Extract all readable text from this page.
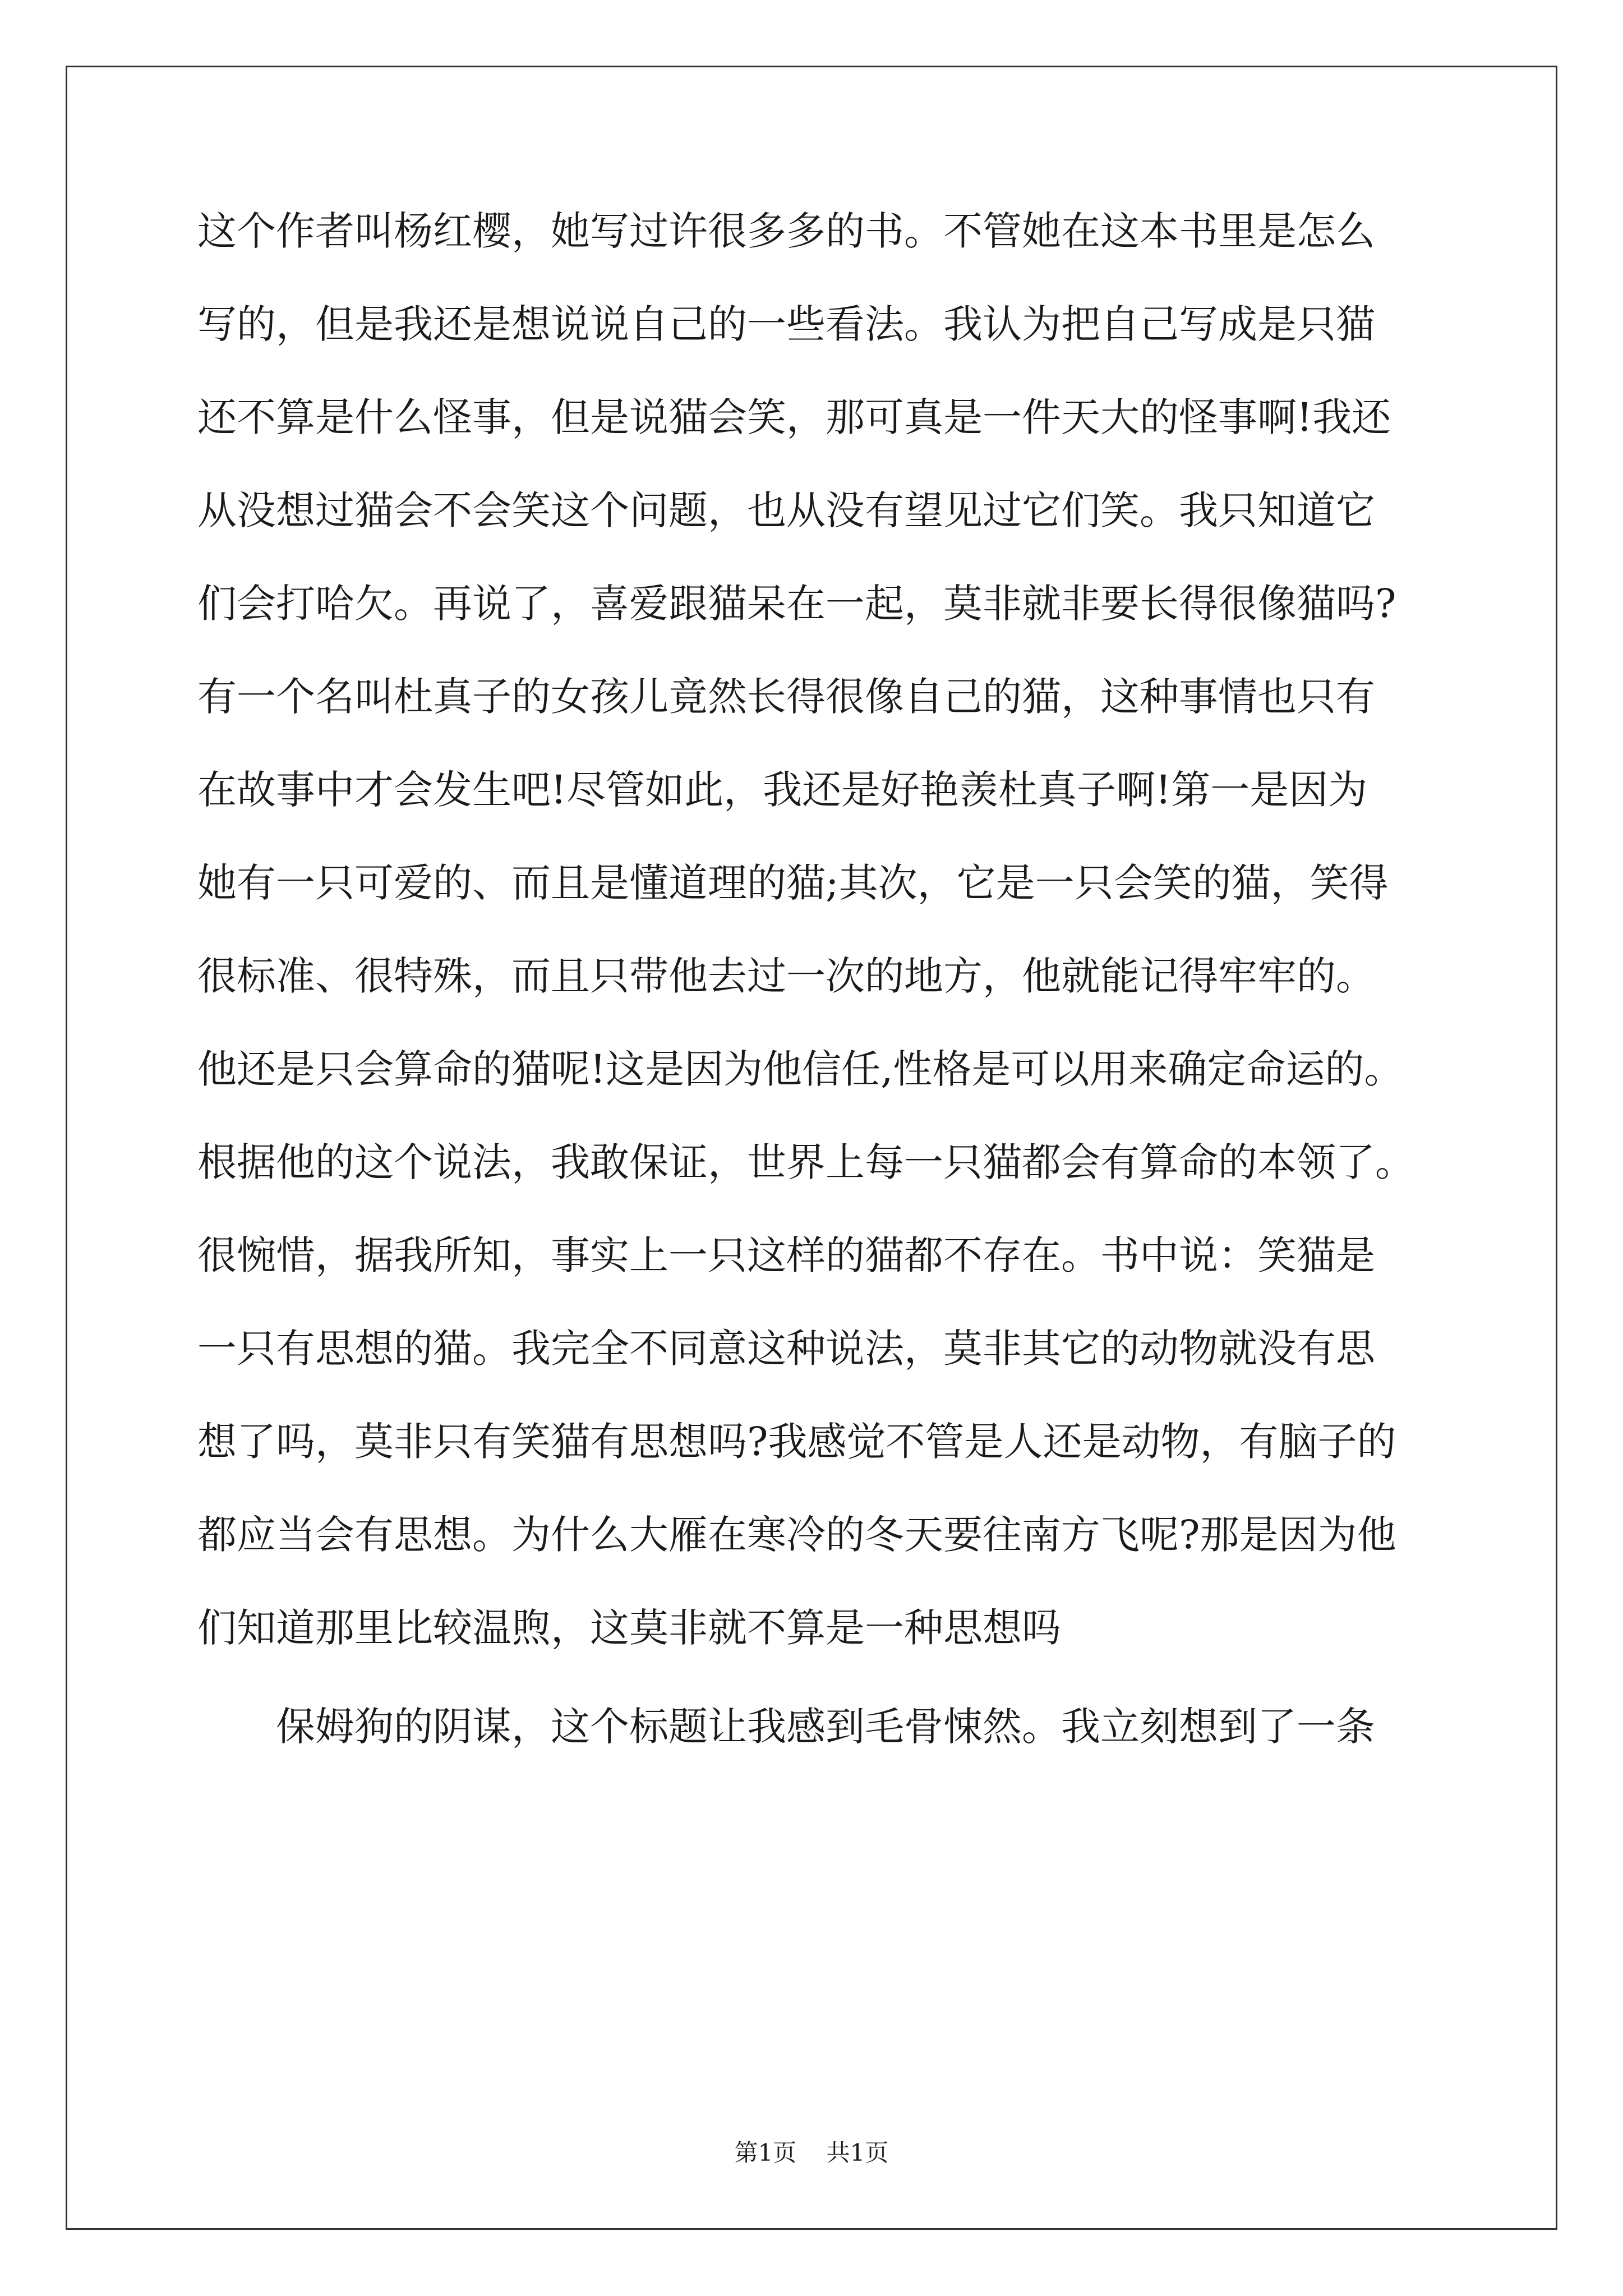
这个作者叫杨红樱，她写过许很多多的书。不管她在这本书里是怎么
写的，但是我还是想说说自己的一些看法。我认为把自己写成是只猫
还不算是什么怪事，但是说猫会笑，那可真是一件天大的怪事啊!我还
从没想过猫会不会笑这个问题，也从没有望见过它们笑。我只知道它
们会打哈欠。再说了，喜爱跟猫呆在一起，莫非就非要长得很像猫吗?
有一个名叫杜真子的女孩儿竟然长得很像自己的猫，这种事情也只有
在故事中才会发生吧!尽管如此，我还是好艳羡杜真子啊!第一是因为
她有一只可爱的、而且是懂道理的猫;其次，它是一只会笑的猫，笑得
很标准、很特殊，而且只带他去过一次的地方，他就能记得牢牢的。
他还是只会算命的猫呢!这是因为他信任,性格是可以用来确定命运的。
根据他的这个说法，我敢保证，世界上每一只猫都会有算命的本领了。
很惋惜，据我所知，事实上一只这样的猫都不存在。书中说：笑猫是
一只有思想的猫。我完全不同意这种说法，莫非其它的动物就没有思
想了吗，莫非只有笑猫有思想吗?我感觉不管是人还是动物，有脑子的
都应当会有思想。为什么大雁在寒冷的冬天要往南方飞呢?那是因为他
们知道那里比较温煦，这莫非就不算是一种思想吗
保姆狗的阴谋，这个标题让我感到毛骨悚然。我立刻想到了一条
第1页    共1页
